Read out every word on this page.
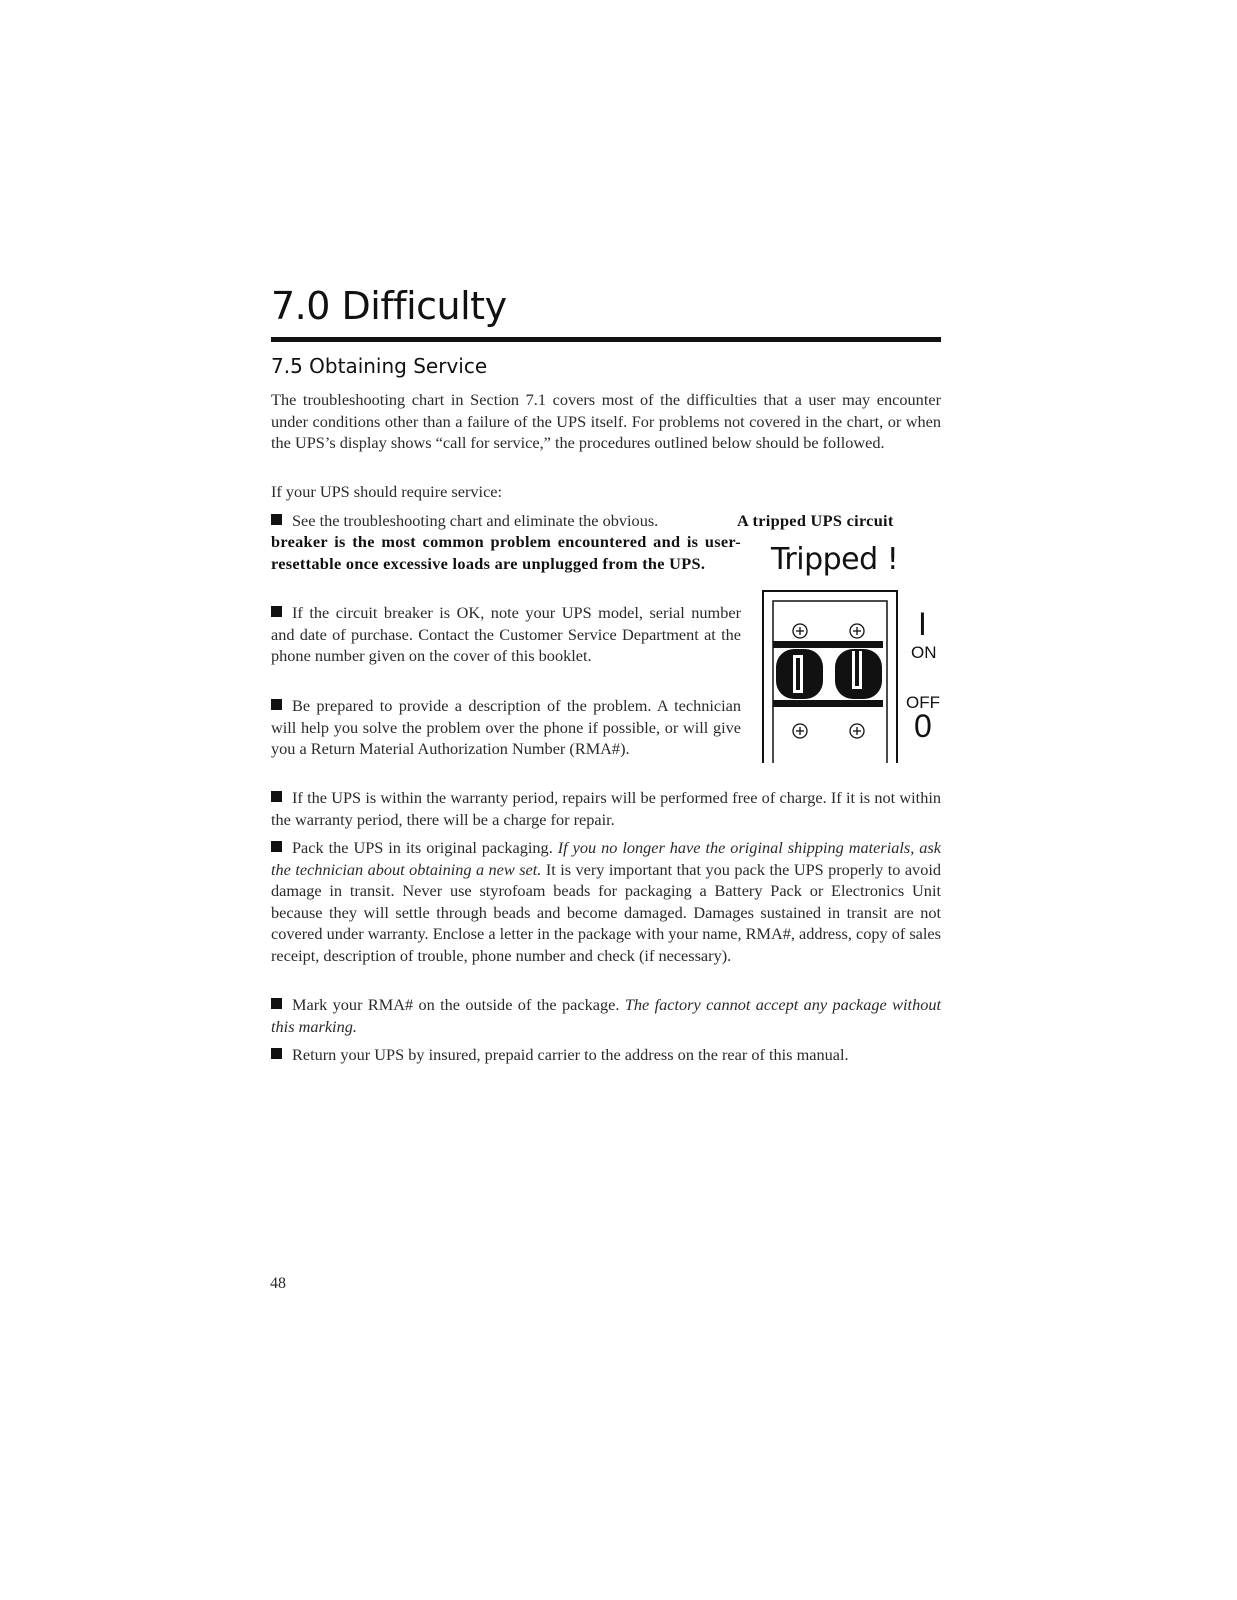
7.0 Difficulty
7.5 Obtaining Service

The troubleshooting chart in Section 7.1 covers most of the difficulties that a user may encounter under conditions other than a failure of the UPS itself. For problems not covered in the chart, or when the UPS’s display shows “call for service,” the procedures outlined below should be followed.

If your UPS should require service:

See the troubleshooting chart and eliminate the obvious.	A tripped UPS circuit

breaker is the most common problem encountered and is user-resettable once excessive loads are unplugged from the UPS.

If the circuit breaker is OK, note your UPS model, serial number and date of purchase. Contact the Customer Service Department at the phone number given on the cover of this booklet.

Be prepared to provide a description of the problem. A technician will help you solve the problem over the phone if possible, or will give you a Return Material Authorization Number (RMA#).

If the UPS is within the warranty period, repairs will be performed free of charge. If it is not within the warranty period, there will be a charge for repair.

Pack the UPS in its original packaging. If you no longer have the original shipping materials, ask the technician about obtaining a new set. It is very important that you pack the UPS properly to avoid damage in transit. Never use styrofoam beads for packaging a Battery Pack or Electronics Unit because they will settle through beads and become damaged. Damages sustained in transit are not covered under warranty. Enclose a letter in the package with your name, RMA#, address, copy of sales receipt, description of trouble, phone number and check (if necessary).

Mark your RMA# on the outside of the package. The factory cannot accept any package without this marking.

Return your UPS by insured, prepaid carrier to the address on the rear of this manual.

Tripped !
I
ON
OFF
0
48
